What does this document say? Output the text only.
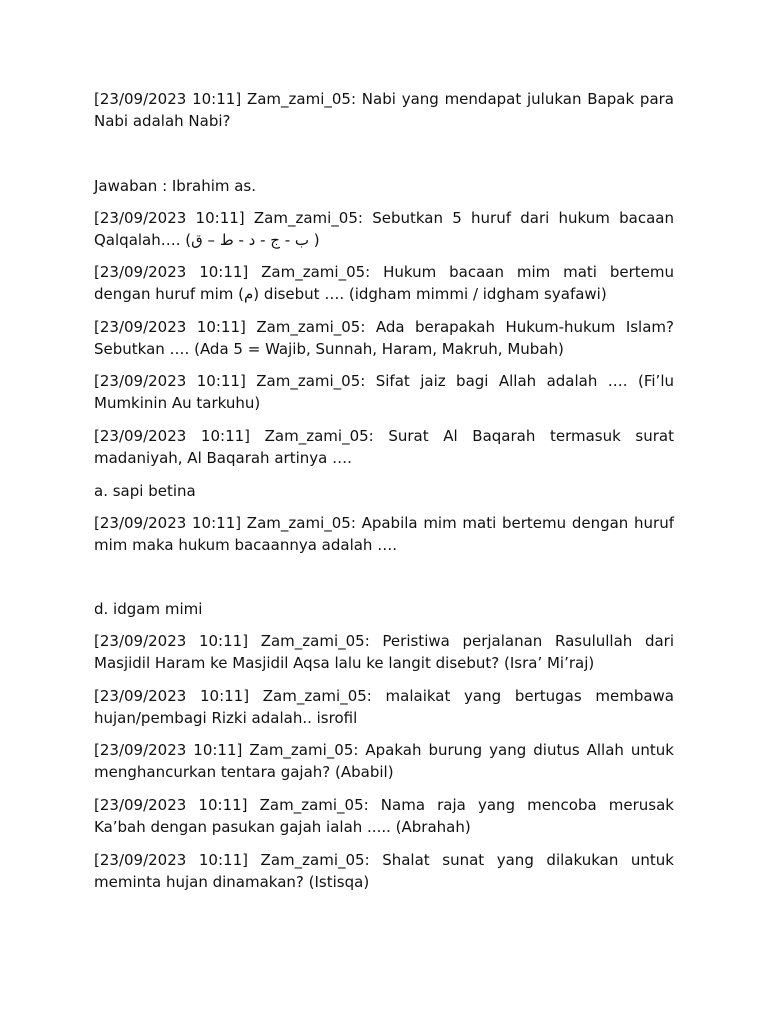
[23/09/2023 10:11] Zam_zami_05: Nabi yang mendapat julukan Bapak para Nabi adalah Nabi?

Jawaban : Ibrahim as.

[23/09/2023 10:11] Zam_zami_05: Sebutkan 5 huruf dari hukum bacaan Qalqalah…. (ب - ج - د - ط – ق )

[23/09/2023 10:11] Zam_zami_05: Hukum bacaan mim mati bertemu dengan huruf mim (م) disebut …. (idgham mimmi / idgham syafawi)

[23/09/2023 10:11] Zam_zami_05: Ada berapakah Hukum-hukum Islam? Sebutkan …. (Ada 5 = Wajib, Sunnah, Haram, Makruh, Mubah)

[23/09/2023 10:11] Zam_zami_05: Sifat jaiz bagi Allah adalah …. (Fi’lu Mumkinin Au tarkuhu)

[23/09/2023 10:11] Zam_zami_05: Surat Al Baqarah termasuk surat madaniyah, Al Baqarah artinya ….

a. sapi betina

[23/09/2023 10:11] Zam_zami_05: Apabila mim mati bertemu dengan huruf mim maka hukum bacaannya adalah ….

d. idgam mimi

[23/09/2023 10:11] Zam_zami_05: Peristiwa perjalanan Rasulullah dari Masjidil Haram ke Masjidil Aqsa lalu ke langit disebut? (Isra’ Mi’raj)

[23/09/2023 10:11] Zam_zami_05: malaikat yang bertugas membawa hujan/pembagi Rizki adalah.. isrofil

[23/09/2023 10:11] Zam_zami_05: Apakah burung yang diutus Allah untuk menghancurkan tentara gajah? (Ababil)

[23/09/2023 10:11] Zam_zami_05: Nama raja yang mencoba merusak Ka’bah dengan pasukan gajah ialah ..... (Abrahah)

[23/09/2023 10:11] Zam_zami_05: Shalat sunat yang dilakukan untuk meminta hujan dinamakan? (Istisqa)
